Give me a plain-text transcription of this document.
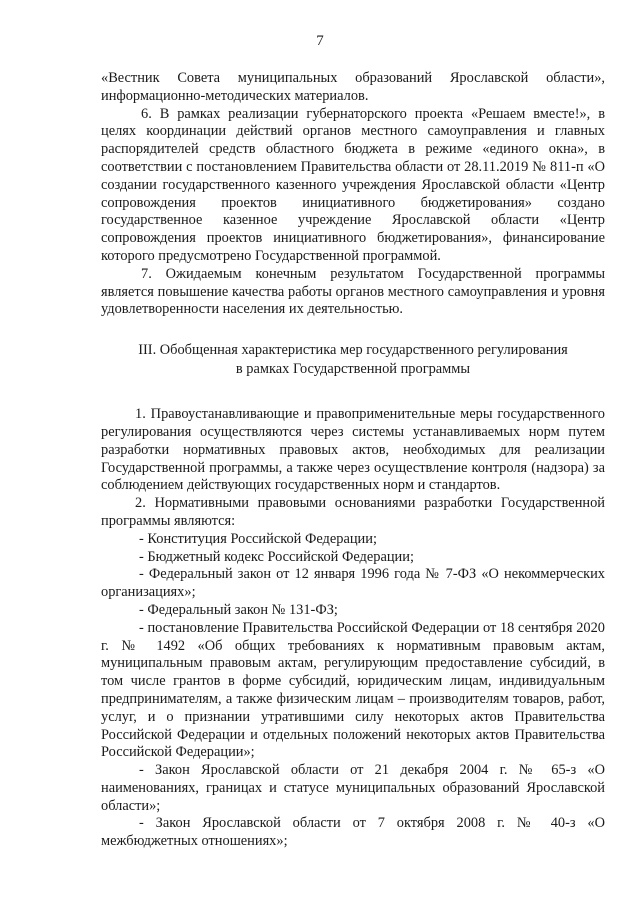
7

«Вестник Совета муниципальных образований Ярославской области», информационно-методических материалов.

6. В рамках реализации губернаторского проекта «Решаем вместе!», в целях координации действий органов местного самоуправления и главных распорядителей средств областного бюджета в режиме «единого окна», в соответствии с постановлением Правительства области от 28.11.2019 № 811-п «О создании государственного казенного учреждения Ярославской области «Центр сопровождения проектов инициативного бюджетирования» создано государственное казенное учреждение Ярославской области «Центр сопровождения проектов инициативного бюджетирования», финансирование которого предусмотрено Государственной программой.

7. Ожидаемым конечным результатом Государственной программы является повышение качества работы органов местного самоуправления и уровня удовлетворенности населения их деятельностью.

III. Обобщенная характеристика мер государственного регулирования

в рамках Государственной программы

1. Правоустанавливающие и правоприменительные меры государственного регулирования осуществляются через системы устанавливаемых норм путем разработки нормативных правовых актов, необходимых для реализации Государственной программы, а также через осуществление контроля (надзора) за соблюдением действующих государственных норм и стандартов.

2. Нормативными правовыми основаниями разработки Государственной программы являются:

- Конституция Российской Федерации;

- Бюджетный кодекс Российской Федерации;

- Федеральный закон от 12 января 1996 года № 7-ФЗ «О некоммерческих организациях»;

- Федеральный закон № 131-ФЗ;

- постановление Правительства Российской Федерации от 18 сентября 2020 г. № 1492 «Об общих требованиях к нормативным правовым актам, муниципальным правовым актам, регулирующим предоставление субсидий, в том числе грантов в форме субсидий, юридическим лицам, индивидуальным предпринимателям, а также физическим лицам – производителям товаров, работ, услуг, и о признании утратившими силу некоторых актов Правительства Российской Федерации и отдельных положений некоторых актов Правительства Российской Федерации»;

- Закон Ярославской области от 21 декабря 2004 г. № 65-з «О наименованиях, границах и статусе муниципальных образований Ярославской области»;

- Закон Ярославской области от 7 октября 2008 г. № 40-з «О межбюджетных отношениях»;
